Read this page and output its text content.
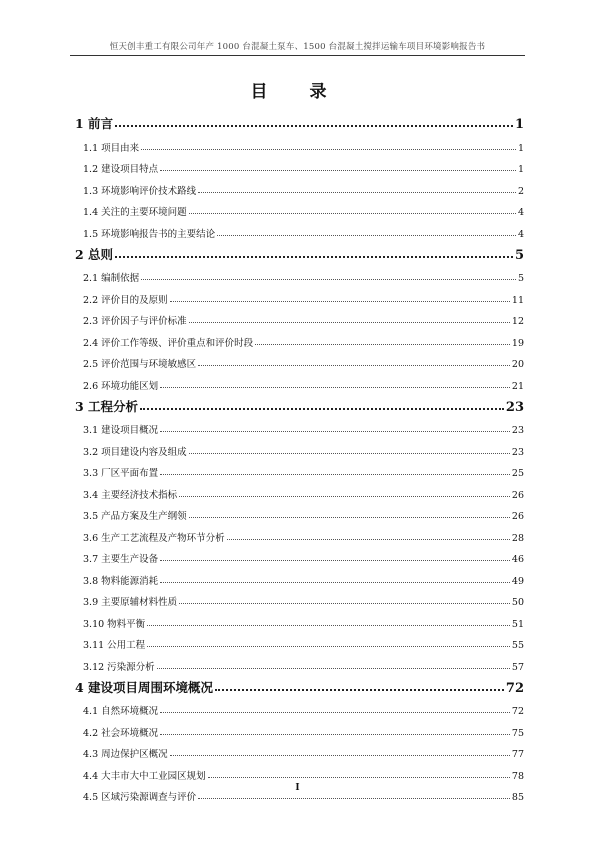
恒天创丰重工有限公司年产 1000 台混凝土泵车、1500 台混凝土搅拌运输车项目环境影响报告书
目 录
1 前言	1
1.1 项目由来	1
1.2 建设项目特点	1
1.3 环境影响评价技术路线	2
1.4 关注的主要环境问题	4
1.5 环境影响报告书的主要结论	4
2 总则	5
2.1 编制依据	5
2.2 评价目的及原则	11
2.3 评价因子与评价标准	12
2.4 评价工作等级、评价重点和评价时段	19
2.5 评价范围与环境敏感区	20
2.6 环境功能区划	21
3 工程分析	23
3.1 建设项目概况	23
3.2 项目建设内容及组成	23
3.3 厂区平面布置	25
3.4 主要经济技术指标	26
3.5 产品方案及生产纲领	26
3.6 生产工艺流程及产物环节分析	28
3.7 主要生产设备	46
3.8 物料能源消耗	49
3.9 主要原辅材料性质	50
3.10 物料平衡	51
3.11 公用工程	55
3.12 污染源分析	57
4 建设项目周围环境概况	72
4.1 自然环境概况	72
4.2 社会环境概况	75
4.3 周边保护区概况	77
4.4 大丰市大中工业园区规划	78
4.5 区域污染源调查与评价	85
I
